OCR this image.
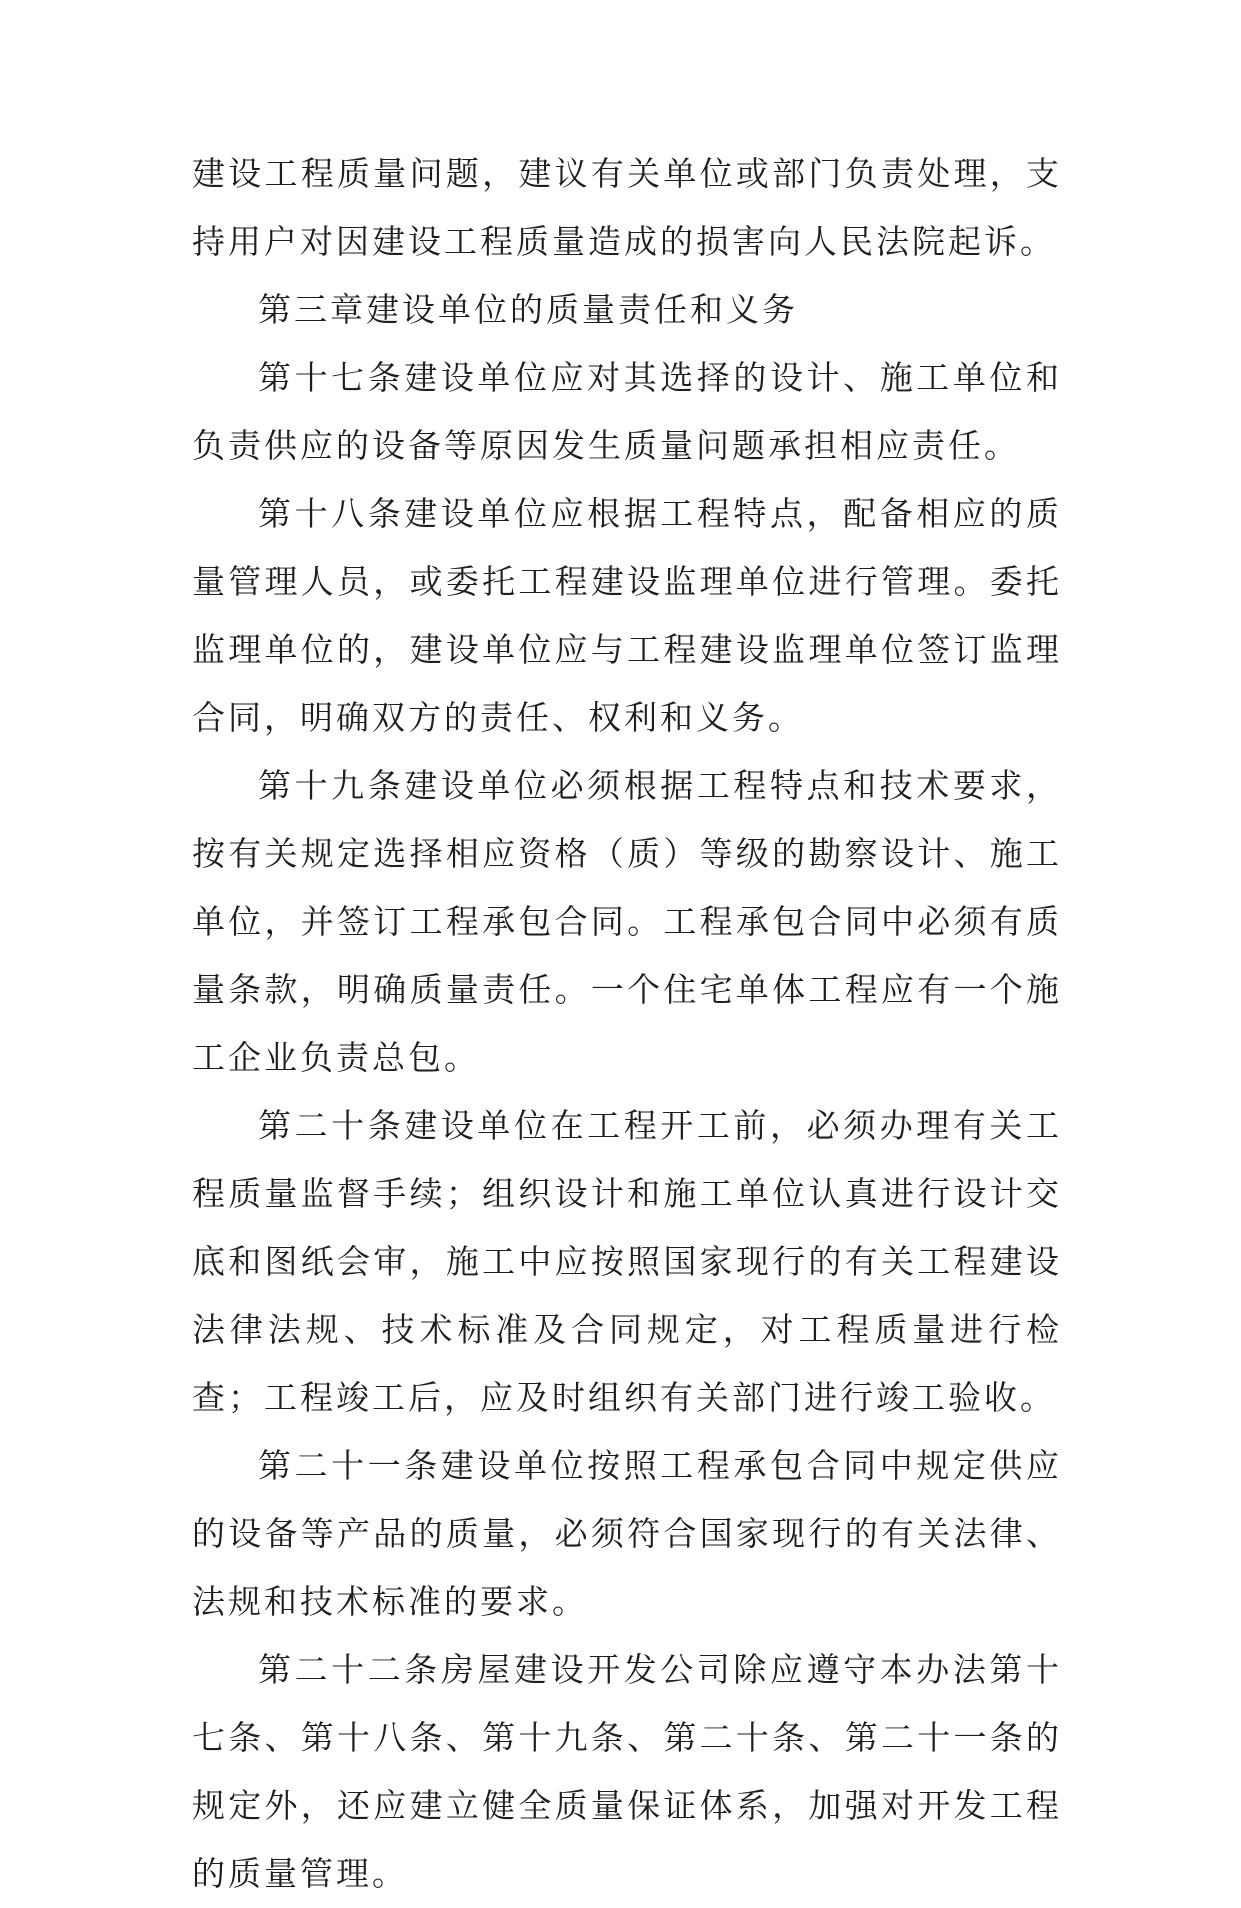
建设工程质量问题，建议有关单位或部门负责处理，支持用户对因建设工程质量造成的损害向人民法院起诉。

第三章建设单位的质量责任和义务

第十七条建设单位应对其选择的设计、施工单位和负责供应的设备等原因发生质量问题承担相应责任。

第十八条建设单位应根据工程特点，配备相应的质量管理人员，或委托工程建设监理单位进行管理。委托监理单位的，建设单位应与工程建设监理单位签订监理合同，明确双方的责任、权利和义务。

第十九条建设单位必须根据工程特点和技术要求，按有关规定选择相应资格（质）等级的勘察设计、施工单位，并签订工程承包合同。工程承包合同中必须有质量条款，明确质量责任。一个住宅单体工程应有一个施工企业负责总包。

第二十条建设单位在工程开工前，必须办理有关工程质量监督手续；组织设计和施工单位认真进行设计交底和图纸会审，施工中应按照国家现行的有关工程建设法律法规、技术标准及合同规定，对工程质量进行检查；工程竣工后，应及时组织有关部门进行竣工验收。

第二十一条建设单位按照工程承包合同中规定供应的设备等产品的质量，必须符合国家现行的有关法律、法规和技术标准的要求。

第二十二条房屋建设开发公司除应遵守本办法第十七条、第十八条、第十九条、第二十条、第二十一条的规定外，还应建立健全质量保证体系，加强对开发工程的质量管理。
